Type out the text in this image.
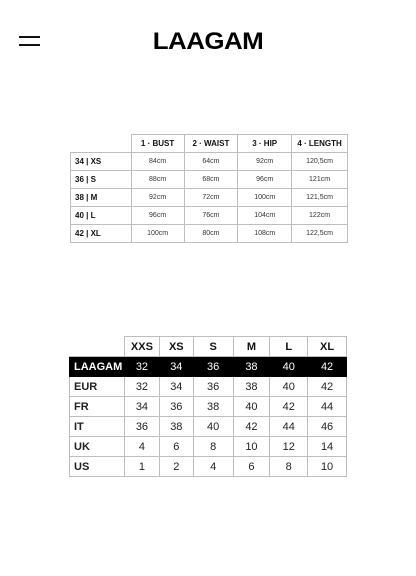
LAAGAM
	1 · BUST	2 · WAIST	3 · HIP	4 · LENGTH
34 | XS	84cm	64cm	92cm	120,5cm
36 | S	88cm	68cm	96cm	121cm
38 | M	92cm	72cm	100cm	121,5cm
40 | L	96cm	76cm	104cm	122cm
42 | XL	100cm	80cm	108cm	122,5cm
	XXS	XS	S	M	L	XL
LAAGAM	32	34	36	38	40	42
EUR	32	34	36	38	40	42
FR	34	36	38	40	42	44
IT	36	38	40	42	44	46
UK	4	6	8	10	12	14
US	1	2	4	6	8	10
